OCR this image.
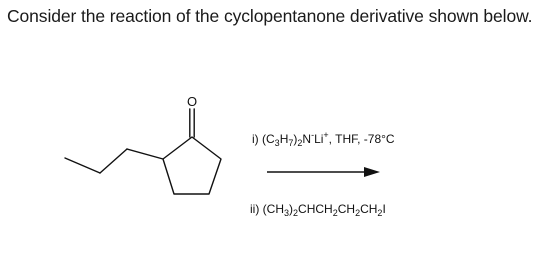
Consider the reaction of the cyclopentanone derivative shown below.
O
i) $(C_3H_7)_2N^-Li^+$, THF, -78°C
ii) $(CH_3)_2CHCH_2CH_2CH_2I$
